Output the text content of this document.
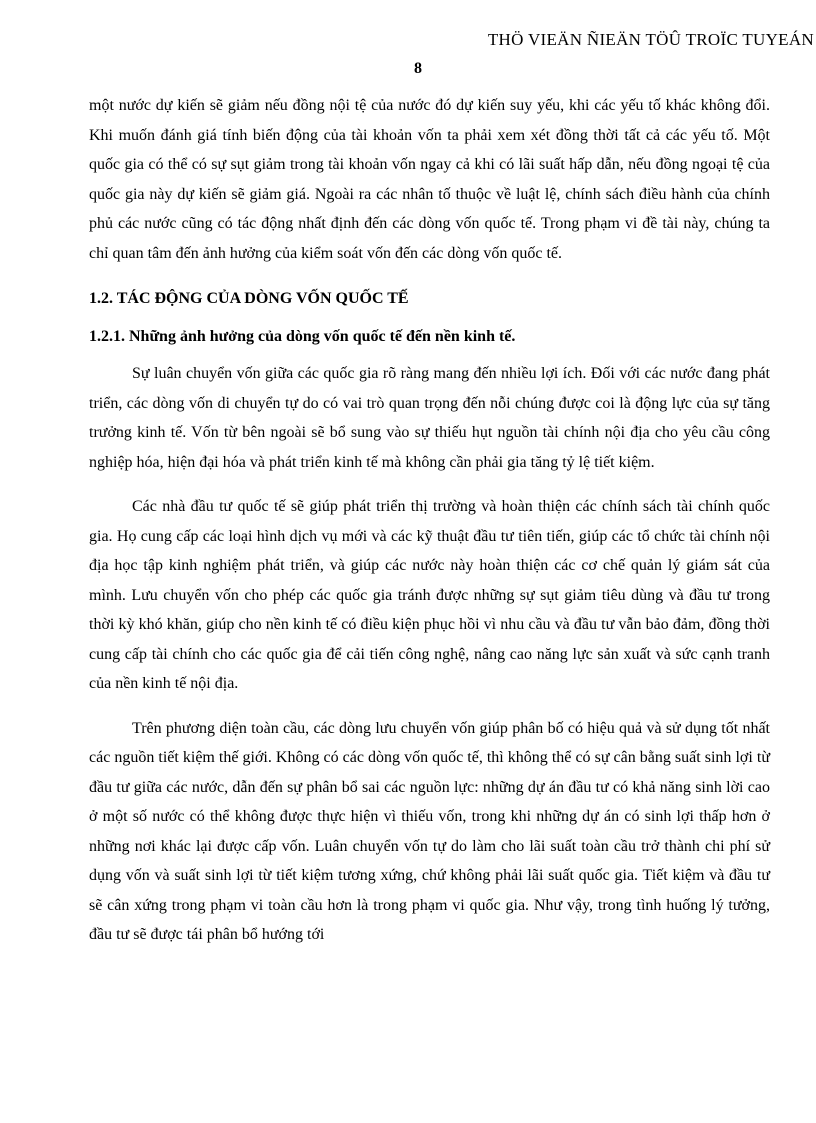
THÖ VIEÄN ÑIEÄN TÖÛ TROÏC TUYEÁN
8

một nước dự kiến sẽ giảm nếu đồng nội tệ của nước đó dự kiến suy yếu, khi các yếu tố khác không đổi. Khi muốn đánh giá tính biến động của tài khoản vốn ta phải xem xét đồng thời tất cả các yếu tố. Một quốc gia có thể có sự sụt giảm trong tài khoản vốn ngay cả khi có lãi suất hấp dẫn, nếu đồng ngoại tệ của quốc gia này dự kiến sẽ giảm giá. Ngoài ra các nhân tố thuộc về luật lệ, chính sách điều hành của chính phủ các nước cũng có tác động nhất định đến các dòng vốn quốc tế. Trong phạm vi đề tài này, chúng ta chỉ quan tâm đến ảnh hưởng của kiểm soát vốn đến các dòng vốn quốc tế.

1.2. TÁC ĐỘNG CỦA DÒNG VỐN QUỐC TẾ
1.2.1. Những ảnh hưởng của dòng vốn quốc tế đến nền kinh tế.

Sự luân chuyển vốn giữa các quốc gia rõ ràng mang đến nhiều lợi ích. Đối với các nước đang phát triển, các dòng vốn di chuyển tự do có vai trò quan trọng đến nỗi chúng được coi là động lực của sự tăng trưởng kinh tế. Vốn từ bên ngoài sẽ bổ sung vào sự thiếu hụt nguồn tài chính nội địa cho yêu cầu công nghiệp hóa, hiện đại hóa và phát triển kinh tế mà không cần phải gia tăng tỷ lệ tiết kiệm.

Các nhà đầu tư quốc tế sẽ giúp phát triển thị trường và hoàn thiện các chính sách tài chính quốc gia. Họ cung cấp các loại hình dịch vụ mới và các kỹ thuật đầu tư tiên tiến, giúp các tổ chức tài chính nội địa học tập kinh nghiệm phát triển, và giúp các nước này hoàn thiện các cơ chế quản lý giám sát của mình. Lưu chuyển vốn cho phép các quốc gia tránh được những sự sụt giảm tiêu dùng và đầu tư trong thời kỳ khó khăn, giúp cho nền kinh tế có điều kiện phục hồi vì nhu cầu và đầu tư vẫn bảo đảm, đồng thời cung cấp tài chính cho các quốc gia để cải tiến công nghệ, nâng cao năng lực sản xuất và sức cạnh tranh của nền kinh tế nội địa.

Trên phương diện toàn cầu, các dòng lưu chuyển vốn giúp phân bố có hiệu quả và sử dụng tốt nhất các nguồn tiết kiệm thế giới. Không có các dòng vốn quốc tế, thì không thể có sự cân bằng suất sinh lợi từ đầu tư giữa các nước, dẫn đến sự phân bổ sai các nguồn lực: những dự án đầu tư có khả năng sinh lời cao ở một số nước có thể không được thực hiện vì thiếu vốn, trong khi những dự án có sinh lợi thấp hơn ở những nơi khác lại được cấp vốn. Luân chuyển vốn tự do làm cho lãi suất toàn cầu trở thành chi phí sử dụng vốn và suất sinh lợi từ tiết kiệm tương xứng, chứ không phải lãi suất quốc gia. Tiết kiệm và đầu tư sẽ cân xứng trong phạm vi toàn cầu hơn là trong phạm vi quốc gia. Như vậy, trong tình huống lý tưởng, đầu tư sẽ được tái phân bổ hướng tới
